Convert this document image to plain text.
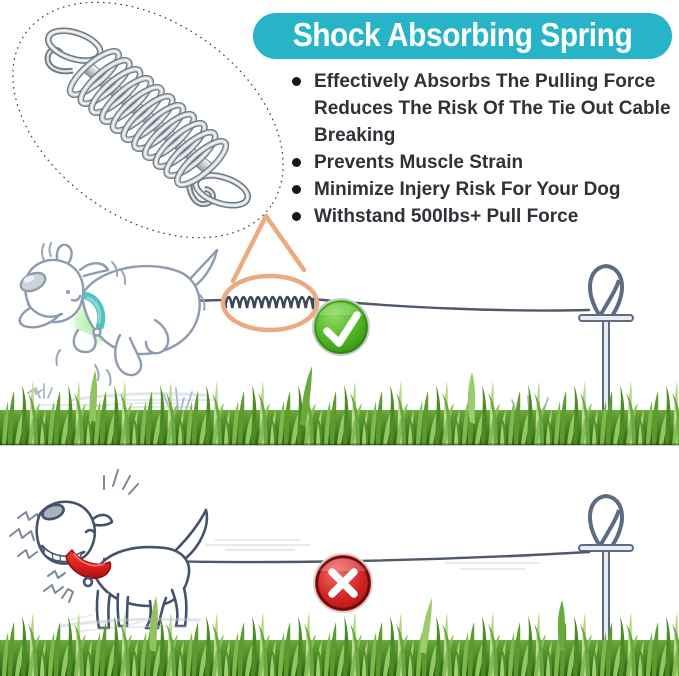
Shock Absorbing Spring
Effectively Absorbs The Pulling Force Reduces The Risk Of The Tie Out Cable Breaking
Prevents Muscle Strain
Minimize Injery Risk For Your Dog
Withstand 500lbs+ Pull Force
